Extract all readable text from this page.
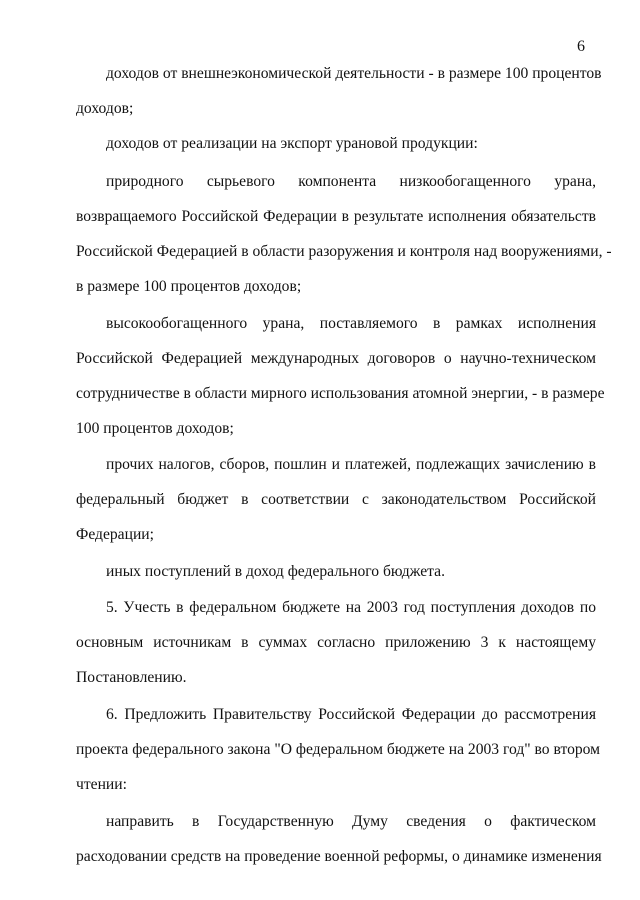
6
доходов от внешнеэкономической деятельности - в размере 100 процентов
доходов;
доходов от реализации на экспорт урановой продукции:
природного сырьевого компонента низкообогащенного урана,
возвращаемого Российской Федерации в результате исполнения обязательств
Российской Федерацией в области разоружения и контроля над вооружениями, -
в размере 100 процентов доходов;
высокообогащенного урана, поставляемого в рамках исполнения
Российской Федерацией международных договоров о научно-техническом
сотрудничестве в области мирного использования атомной энергии, - в размере
100 процентов доходов;
прочих налогов, сборов, пошлин и платежей, подлежащих зачислению в
федеральный бюджет в соответствии с законодательством Российской
Федерации;
иных поступлений в доход федерального бюджета.
5. Учесть в федеральном бюджете на 2003 год поступления доходов по
основным источникам в суммах согласно приложению 3 к настоящему
Постановлению.
6. Предложить Правительству Российской Федерации до рассмотрения
проекта федерального закона "О федеральном бюджете на 2003 год" во втором
чтении:
направить в Государственную Думу сведения о фактическом
расходовании средств на проведение военной реформы, о динамике изменения
